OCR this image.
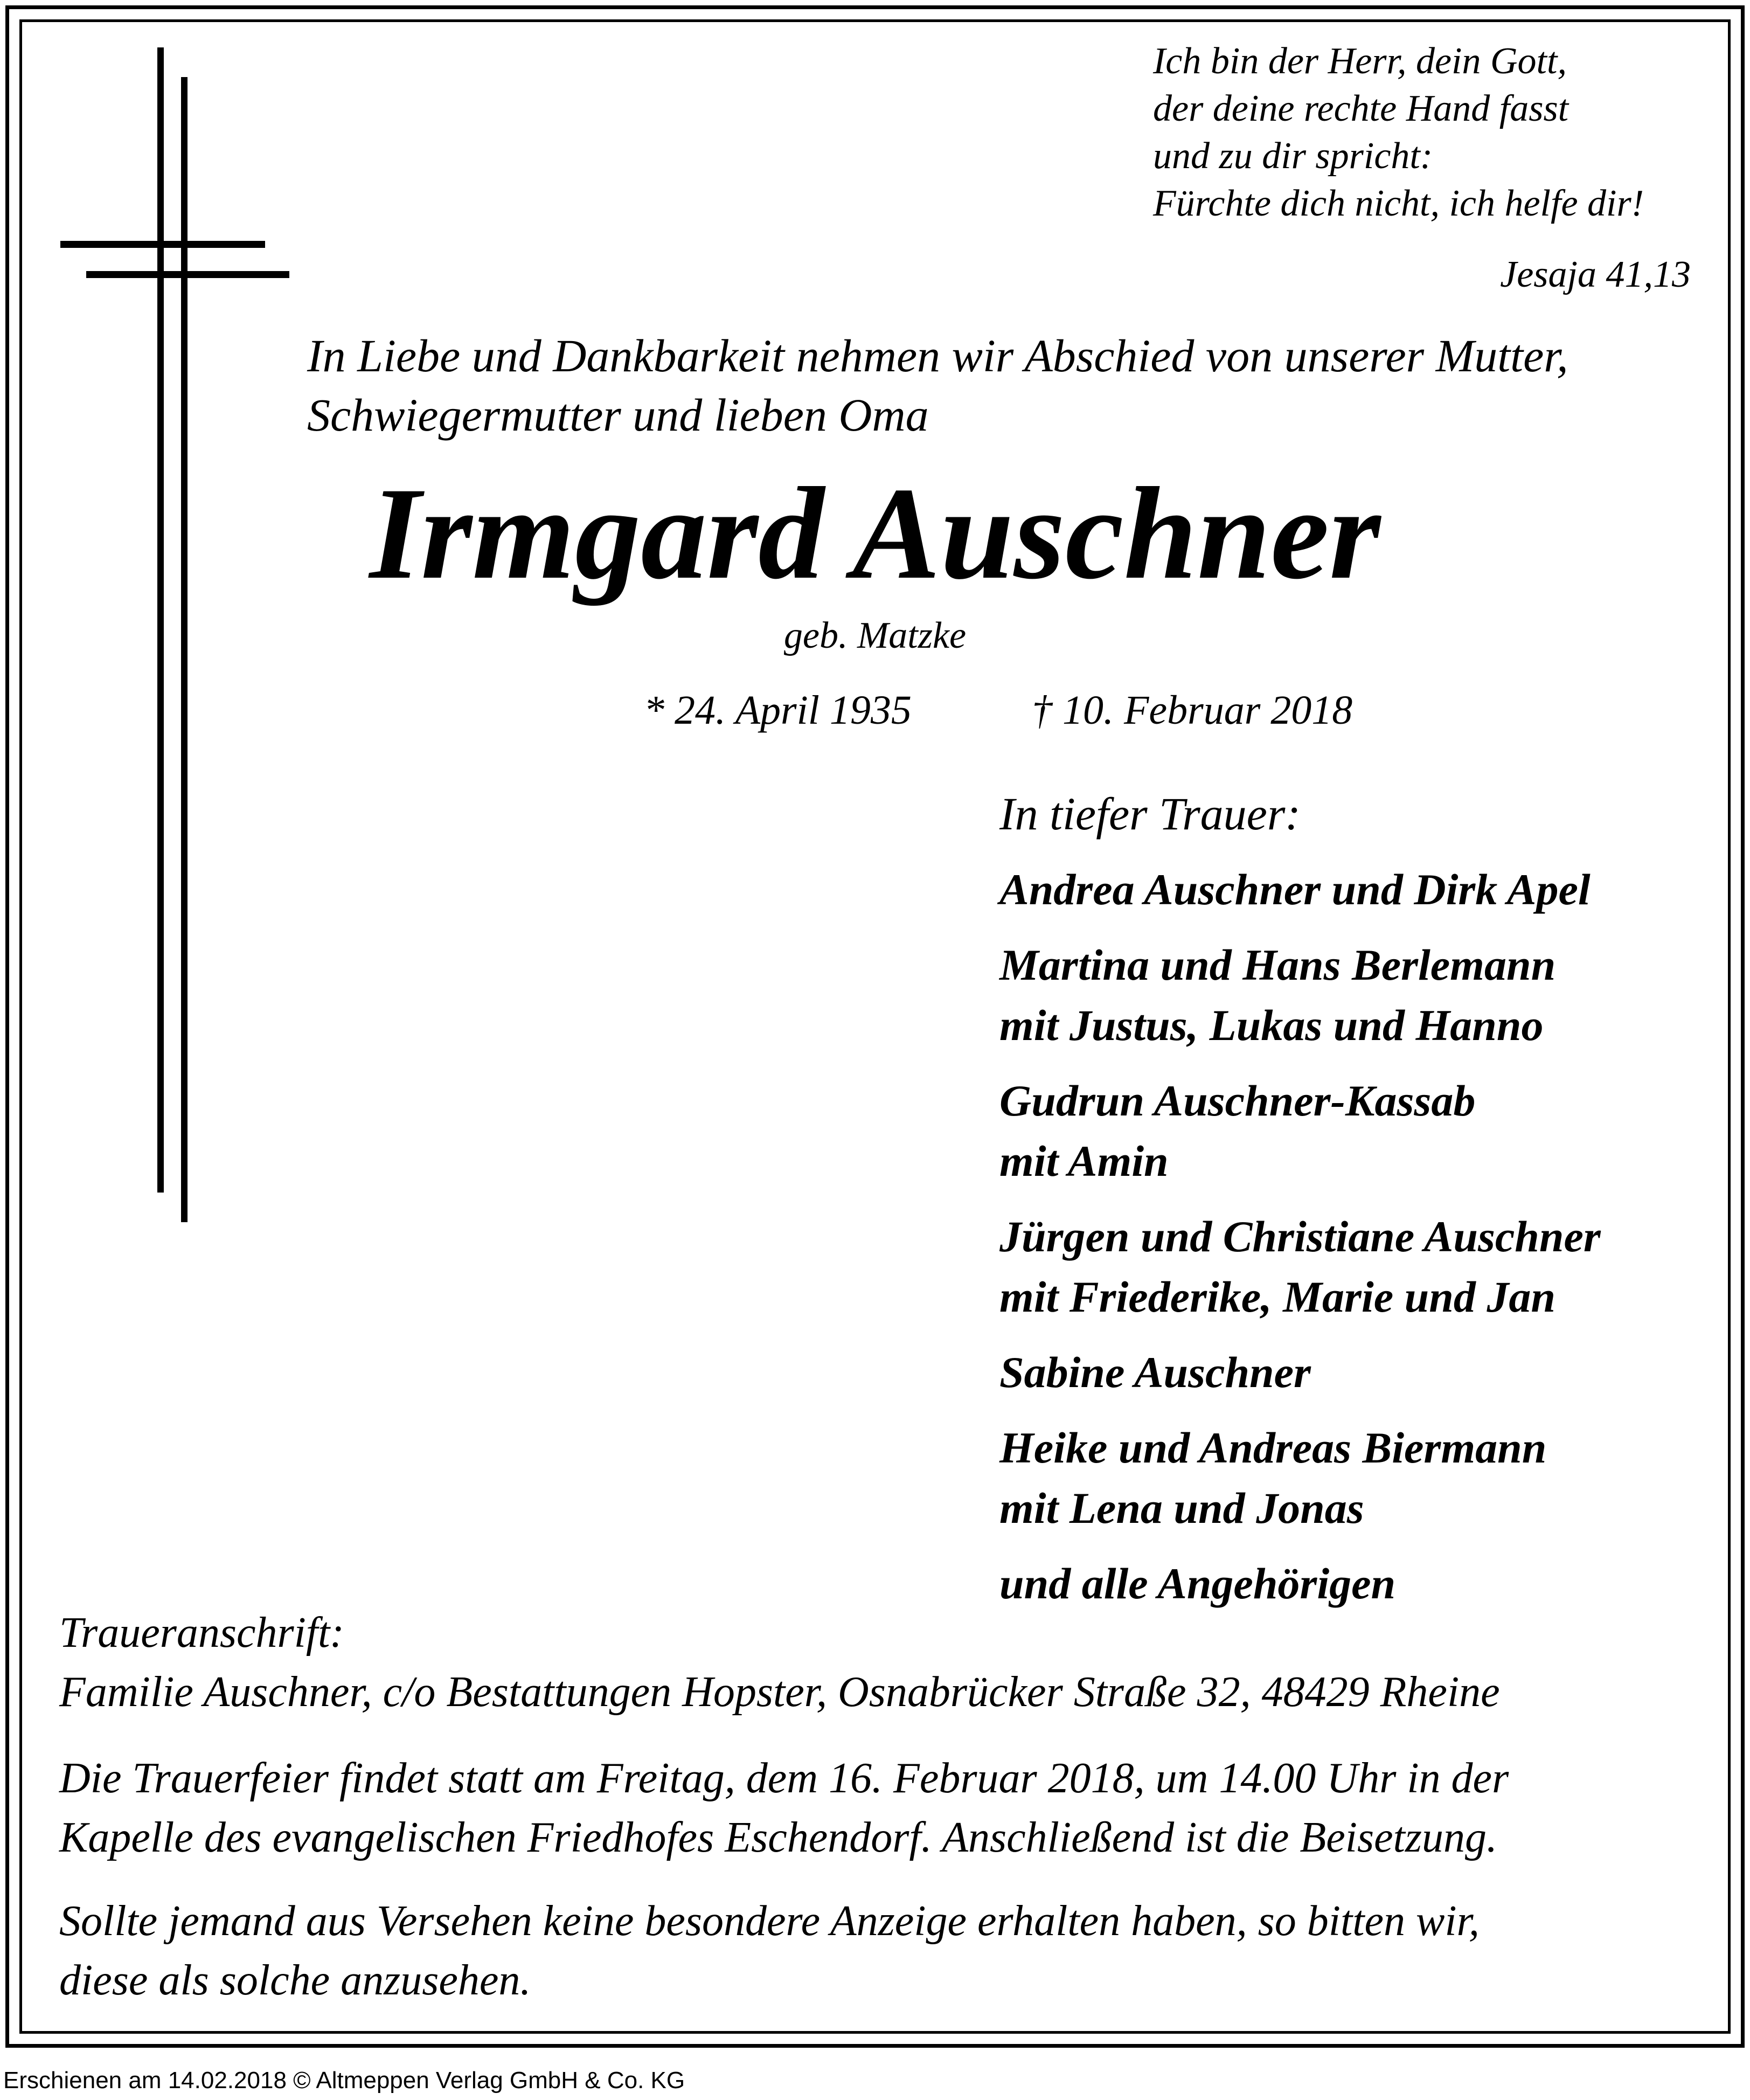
Ich bin der Herr, dein Gott,
der deine rechte Hand fasst
und zu dir spricht:
Fürchte dich nicht, ich helfe dir!
Jesaja 41,13
In Liebe und Dankbarkeit nehmen wir Abschied von unserer Mutter,
Schwiegermutter und lieben Oma
Irmgard Auschner
geb. Matzke
* 24. April 1935	† 10. Februar 2018
In tiefer Trauer:
Andrea Auschner und Dirk Apel
Martina und Hans Berlemann
mit Justus, Lukas und Hanno
Gudrun Auschner-Kassab
mit Amin
Jürgen und Christiane Auschner
mit Friederike, Marie und Jan
Sabine Auschner
Heike und Andreas Biermann
mit Lena und Jonas
und alle Angehörigen
Traueranschrift:
Familie Auschner, c/o Bestattungen Hopster, Osnabrücker Straße 32, 48429 Rheine
Die Trauerfeier findet statt am Freitag, dem 16. Februar 2018, um 14.00 Uhr in der
Kapelle des evangelischen Friedhofes Eschendorf. Anschließend ist die Beisetzung.
Sollte jemand aus Versehen keine besondere Anzeige erhalten haben, so bitten wir,
diese als solche anzusehen.
Erschienen am 14.02.2018 © Altmeppen Verlag GmbH & Co. KG
